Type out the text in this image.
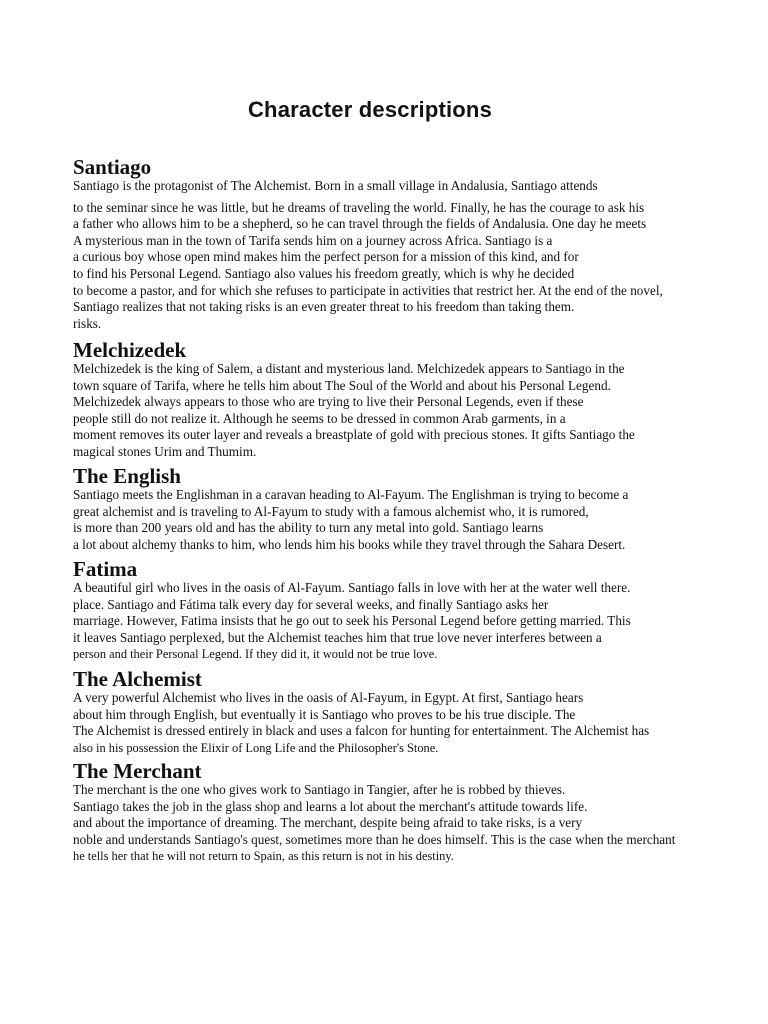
Character descriptions
Santiago

Santiago is the protagonist of The Alchemist. Born in a small village in Andalusia, Santiago attends

to the seminar since he was little, but he dreams of traveling the world. Finally, he has the courage to ask his

a father who allows him to be a shepherd, so he can travel through the fields of Andalusia. One day he meets

A mysterious man in the town of Tarifa sends him on a journey across Africa. Santiago is a

a curious boy whose open mind makes him the perfect person for a mission of this kind, and for

to find his Personal Legend. Santiago also values his freedom greatly, which is why he decided

to become a pastor, and for which she refuses to participate in activities that restrict her. At the end of the novel,

Santiago realizes that not taking risks is an even greater threat to his freedom than taking them.

risks.

Melchizedek

Melchizedek is the king of Salem, a distant and mysterious land. Melchizedek appears to Santiago in the

town square of Tarifa, where he tells him about The Soul of the World and about his Personal Legend.

Melchizedek always appears to those who are trying to live their Personal Legends, even if these

people still do not realize it. Although he seems to be dressed in common Arab garments, in a

moment removes its outer layer and reveals a breastplate of gold with precious stones. It gifts Santiago the

magical stones Urim and Thumim.

The English

Santiago meets the Englishman in a caravan heading to Al-Fayum. The Englishman is trying to become a

great alchemist and is traveling to Al-Fayum to study with a famous alchemist who, it is rumored,

is more than 200 years old and has the ability to turn any metal into gold. Santiago learns

a lot about alchemy thanks to him, who lends him his books while they travel through the Sahara Desert.

Fatima

A beautiful girl who lives in the oasis of Al-Fayum. Santiago falls in love with her at the water well there.

place. Santiago and Fátima talk every day for several weeks, and finally Santiago asks her

marriage. However, Fatima insists that he go out to seek his Personal Legend before getting married. This

it leaves Santiago perplexed, but the Alchemist teaches him that true love never interferes between a

person and their Personal Legend. If they did it, it would not be true love.

The Alchemist

A very powerful Alchemist who lives in the oasis of Al-Fayum, in Egypt. At first, Santiago hears

about him through English, but eventually it is Santiago who proves to be his true disciple. The

The Alchemist is dressed entirely in black and uses a falcon for hunting for entertainment. The Alchemist has

also in his possession the Elixir of Long Life and the Philosopher's Stone.

The Merchant

The merchant is the one who gives work to Santiago in Tangier, after he is robbed by thieves.

Santiago takes the job in the glass shop and learns a lot about the merchant's attitude towards life.

and about the importance of dreaming. The merchant, despite being afraid to take risks, is a very

noble and understands Santiago's quest, sometimes more than he does himself. This is the case when the merchant

he tells her that he will not return to Spain, as this return is not in his destiny.
